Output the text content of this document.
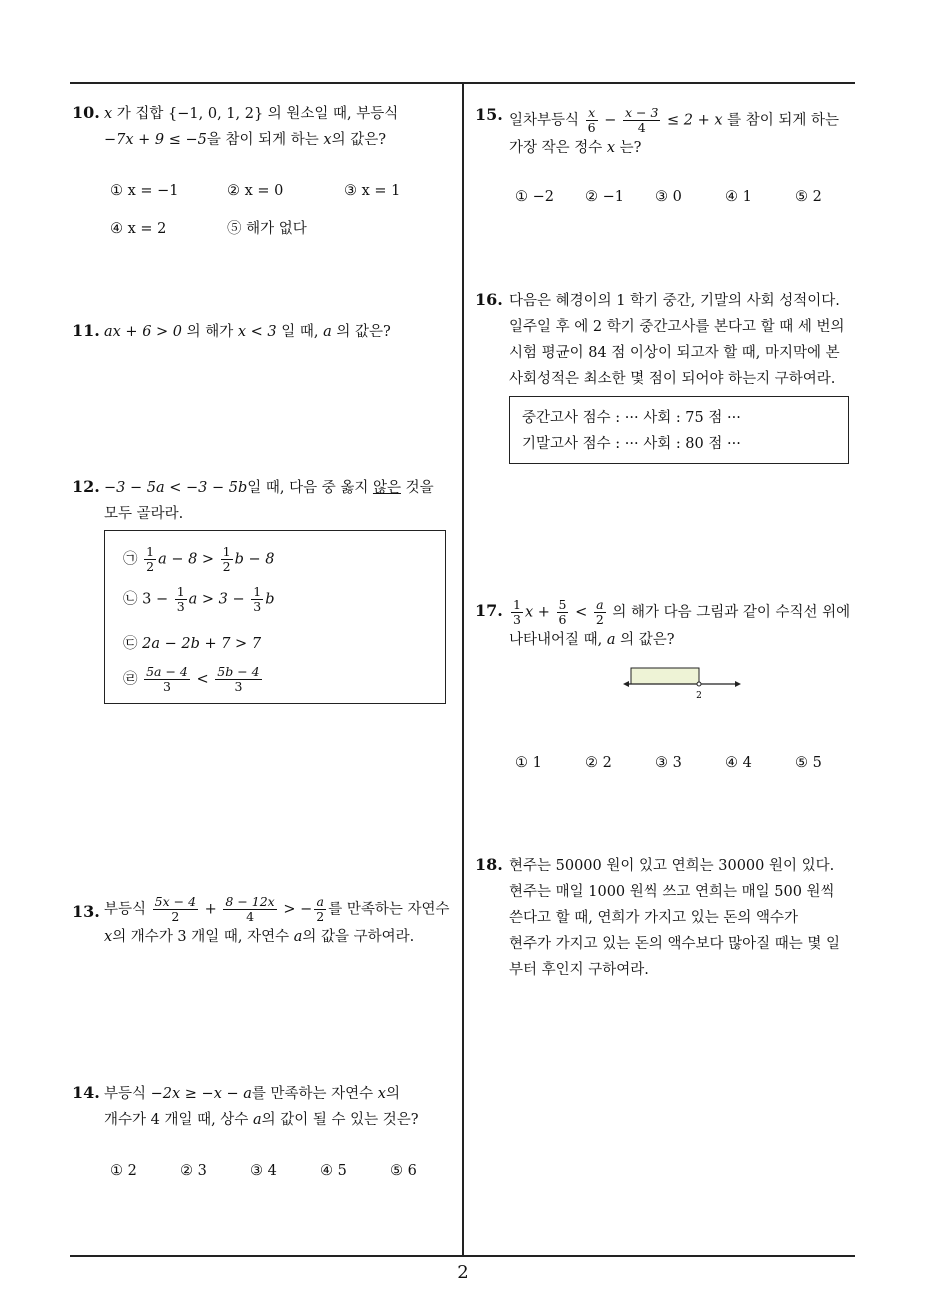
10. x 가 집합 {−1, 0, 1, 2} 의 원소일 때, 부등식
−7x + 9 ≤ −5을 참이 되게 하는 x의 값은?
① x = −1	② x = 0	③ x = 1
④ x = 2	⑤ 해가 없다
11. ax + 6 > 0 의 해가 x < 3 일 때, a 의 값은?
12. −3 − 5a < −3 − 5b일 때, 다음 중 옳지 않은 것을
모두 골라라.
㉠ $\frac{1}{2}$ $a - 8 > \frac{1}{2}$ b − 8
㉡ $3 - \frac{1}{3}$ $a > 3 - \frac{1}{3}$ b
㉢ 2a − 2b + 7 > 7
㉣ $\frac{5a - 4}{3} < \frac{5b - 4}{3}$
13. 부등식 $\frac{5x - 4}{2} + \frac{8 - 12x}{4}$ > − $\frac{a}{2}$ 를 만족하는 자연수
x의 개수가 3 개일 때, 자연수 a의 값을 구하여라.
14. 부등식 −2x ≥ −x − a를 만족하는 자연수 x의
개수가 4 개일 때, 상수 a의 값이 될 수 있는 것은?
① 2	② 3	③ 4	④ 5	⑤ 6
15. 일차부등식 $\frac{x}{6} - \frac{x - 3}{4} \le 2 + x$ 를 참이 되게 하는
가장 작은 정수 x 는?
① −2 ② −1 ③ 0	④ 1	⑤ 2
16. 다음은 혜경이의 1 학기 중간, 기말의 사회 성적이다.
일주일 후 에 2 학기 중간고사를 본다고 할 때 세 번의
시험 평균이 84 점 이상이 되고자 할 때, 마지막에 본
사회성적은 최소한 몇 점이 되어야 하는지 구하여라.
중간고사 점수 : ··· 사회 : 75 점 ···
기말고사 점수 : ··· 사회 : 80 점 ···
17. $\frac{1}{3}$ $x + \frac{5}{6} < \frac{a}{2}$ 의 해가 다음 그림과 같이 수직선 위에
나타내어질 때, a 의 값은?
2
① 1	② 2	③ 3	④ 4	⑤ 5
18. 현주는 50000 원이 있고 연희는 30000 원이 있다.
현주는 매일 1000 원씩 쓰고 연희는 매일 500 원씩
쓴다고 할 때, 연희가 가지고 있는 돈의 액수가
현주가 가지고 있는 돈의 액수보다 많아질 때는 몇 일
부터 후인지 구하여라.
2
